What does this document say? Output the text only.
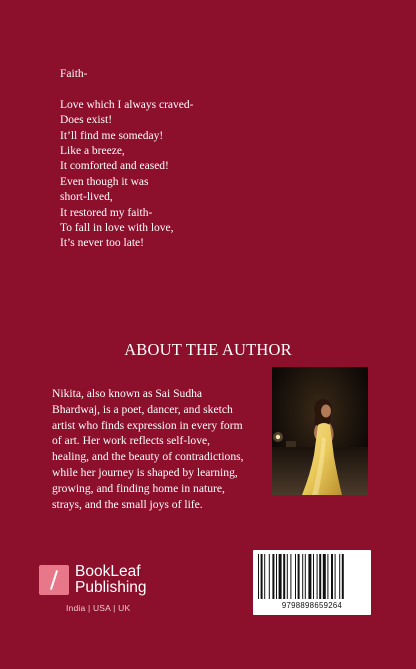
Faith-
Love which I always craved-
Does exist!
It’ll find me someday!
Like a breeze,
It comforted and eased!
Even though it was
short-lived,
It restored my faith-
To fall in love with love,
It’s never too late!
ABOUT THE AUTHOR

Nikita, also known as Sai Sudha
Bhardwaj, is a poet, dancer, and sketch
artist who finds expression in every form
of art. Her work reflects self-love,
healing, and the beauty of contradictions,
while her journey is shaped by learning,
growing, and finding home in nature,
strays, and the small joys of life.

BookLeaf
Publishing
India | USA | UK	9798898659264
